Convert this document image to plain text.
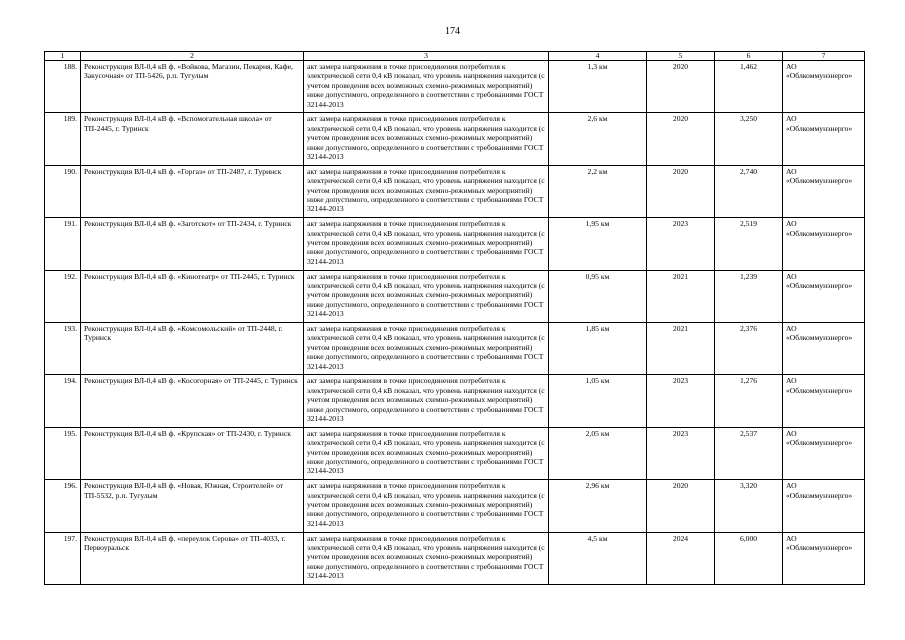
174
1	2	3	4	5	6	7
188.	Реконструкция ВЛ-0,4 кВ ф. «Войкова, Магазин, Пекарня, Кафе, Закусочная» от ТП-5426, р.п. Тугулым	акт замера напряжения в точке присоединения потребителя к электрической сети 0,4 кВ показал, что уровень напряжения находится (с учетом проведения всех возможных схемно-режимных мероприятий) ниже допустимого, определенного в соответствии с требованиями ГОСТ 32144-2013	1,3 км	2020	1,462	АО «Облкоммунэнерго»
189.	Реконструкция ВЛ-0,4 кВ ф. «Вспомогательная школа» от ТП-2445, г. Туринск	акт замера напряжения в точке присоединения потребителя к электрической сети 0,4 кВ показал, что уровень напряжения находится (с учетом проведения всех возможных схемно-режимных мероприятий) ниже допустимого, определенного в соответствии с требованиями ГОСТ 32144-2013	2,6 км	2020	3,250	АО «Облкоммунэнерго»
190.	Реконструкция ВЛ-0,4 кВ ф. «Горгаз» от ТП-2487, г. Туринск	акт замера напряжения в точке присоединения потребителя к электрической сети 0,4 кВ показал, что уровень напряжения находится (с учетом проведения всех возможных схемно-режимных мероприятий) ниже допустимого, определенного в соответствии с требованиями ГОСТ 32144-2013	2,2 км	2020	2,740	АО «Облкоммунэнерго»
191.	Реконструкция ВЛ-0,4 кВ ф. «Заготскот» от ТП-2434, г. Туринск	акт замера напряжения в точке присоединения потребителя к электрической сети 0,4 кВ показал, что уровень напряжения находится (с учетом проведения всех возможных схемно-режимных мероприятий) ниже допустимого, определенного в соответствии с требованиями ГОСТ 32144-2013	1,95 км	2023	2,519	АО «Облкоммунэнерго»
192.	Реконструкция ВЛ-0,4 кВ ф. «Кинотеатр» от ТП-2445, г. Туринск	акт замера напряжения в точке присоединения потребителя к электрической сети 0,4 кВ показал, что уровень напряжения находится (с учетом проведения всех возможных схемно-режимных мероприятий) ниже допустимого, определенного в соответствии с требованиями ГОСТ 32144-2013	0,95 км	2021	1,239	АО «Облкоммунэнерго»
193.	Реконструкция ВЛ-0,4 кВ ф. «Комсомольский» от ТП-2448, г. Туринск	акт замера напряжения в точке присоединения потребителя к электрической сети 0,4 кВ показал, что уровень напряжения находится (с учетом проведения всех возможных схемно-режимных мероприятий) ниже допустимого, определенного в соответствии с требованиями ГОСТ 32144-2013	1,85 км	2021	2,376	АО «Облкоммунэнерго»
194.	Реконструкция ВЛ-0,4 кВ ф. «Косогорная» от ТП-2445, г. Туринск	акт замера напряжения в точке присоединения потребителя к электрической сети 0,4 кВ показал, что уровень напряжения находится (с учетом проведения всех возможных схемно-режимных мероприятий) ниже допустимого, определенного в соответствии с требованиями ГОСТ 32144-2013	1,05 км	2023	1,276	АО «Облкоммунэнерго»
195.	Реконструкция ВЛ-0,4 кВ ф. «Крупская» от ТП-2430, г. Туринск	акт замера напряжения в точке присоединения потребителя к электрической сети 0,4 кВ показал, что уровень напряжения находится (с учетом проведения всех возможных схемно-режимных мероприятий) ниже допустимого, определенного в соответствии с требованиями ГОСТ 32144-2013	2,05 км	2023	2,537	АО «Облкоммунэнерго»
196.	Реконструкция ВЛ-0,4 кВ ф. «Новая, Южная, Строителей» от ТП-5532, р.п. Тугулым	акт замера напряжения в точке присоединения потребителя к электрической сети 0,4 кВ показал, что уровень напряжения находится (с учетом проведения всех возможных схемно-режимных мероприятий) ниже допустимого, определенного в соответствии с требованиями ГОСТ 32144-2013	2,96 км	2020	3,320	АО «Облкоммунэнерго»
197.	Реконструкция ВЛ-0,4 кВ ф. «переулок Серова» от ТП-4033, г. Первоуральск	акт замера напряжения в точке присоединения потребителя к электрической сети 0,4 кВ показал, что уровень напряжения находится (с учетом проведения всех возможных схемно-режимных мероприятий) ниже допустимого, определенного в соответствии с требованиями ГОСТ 32144-2013	4,5 км	2024	6,000	АО «Облкоммунэнерго»
